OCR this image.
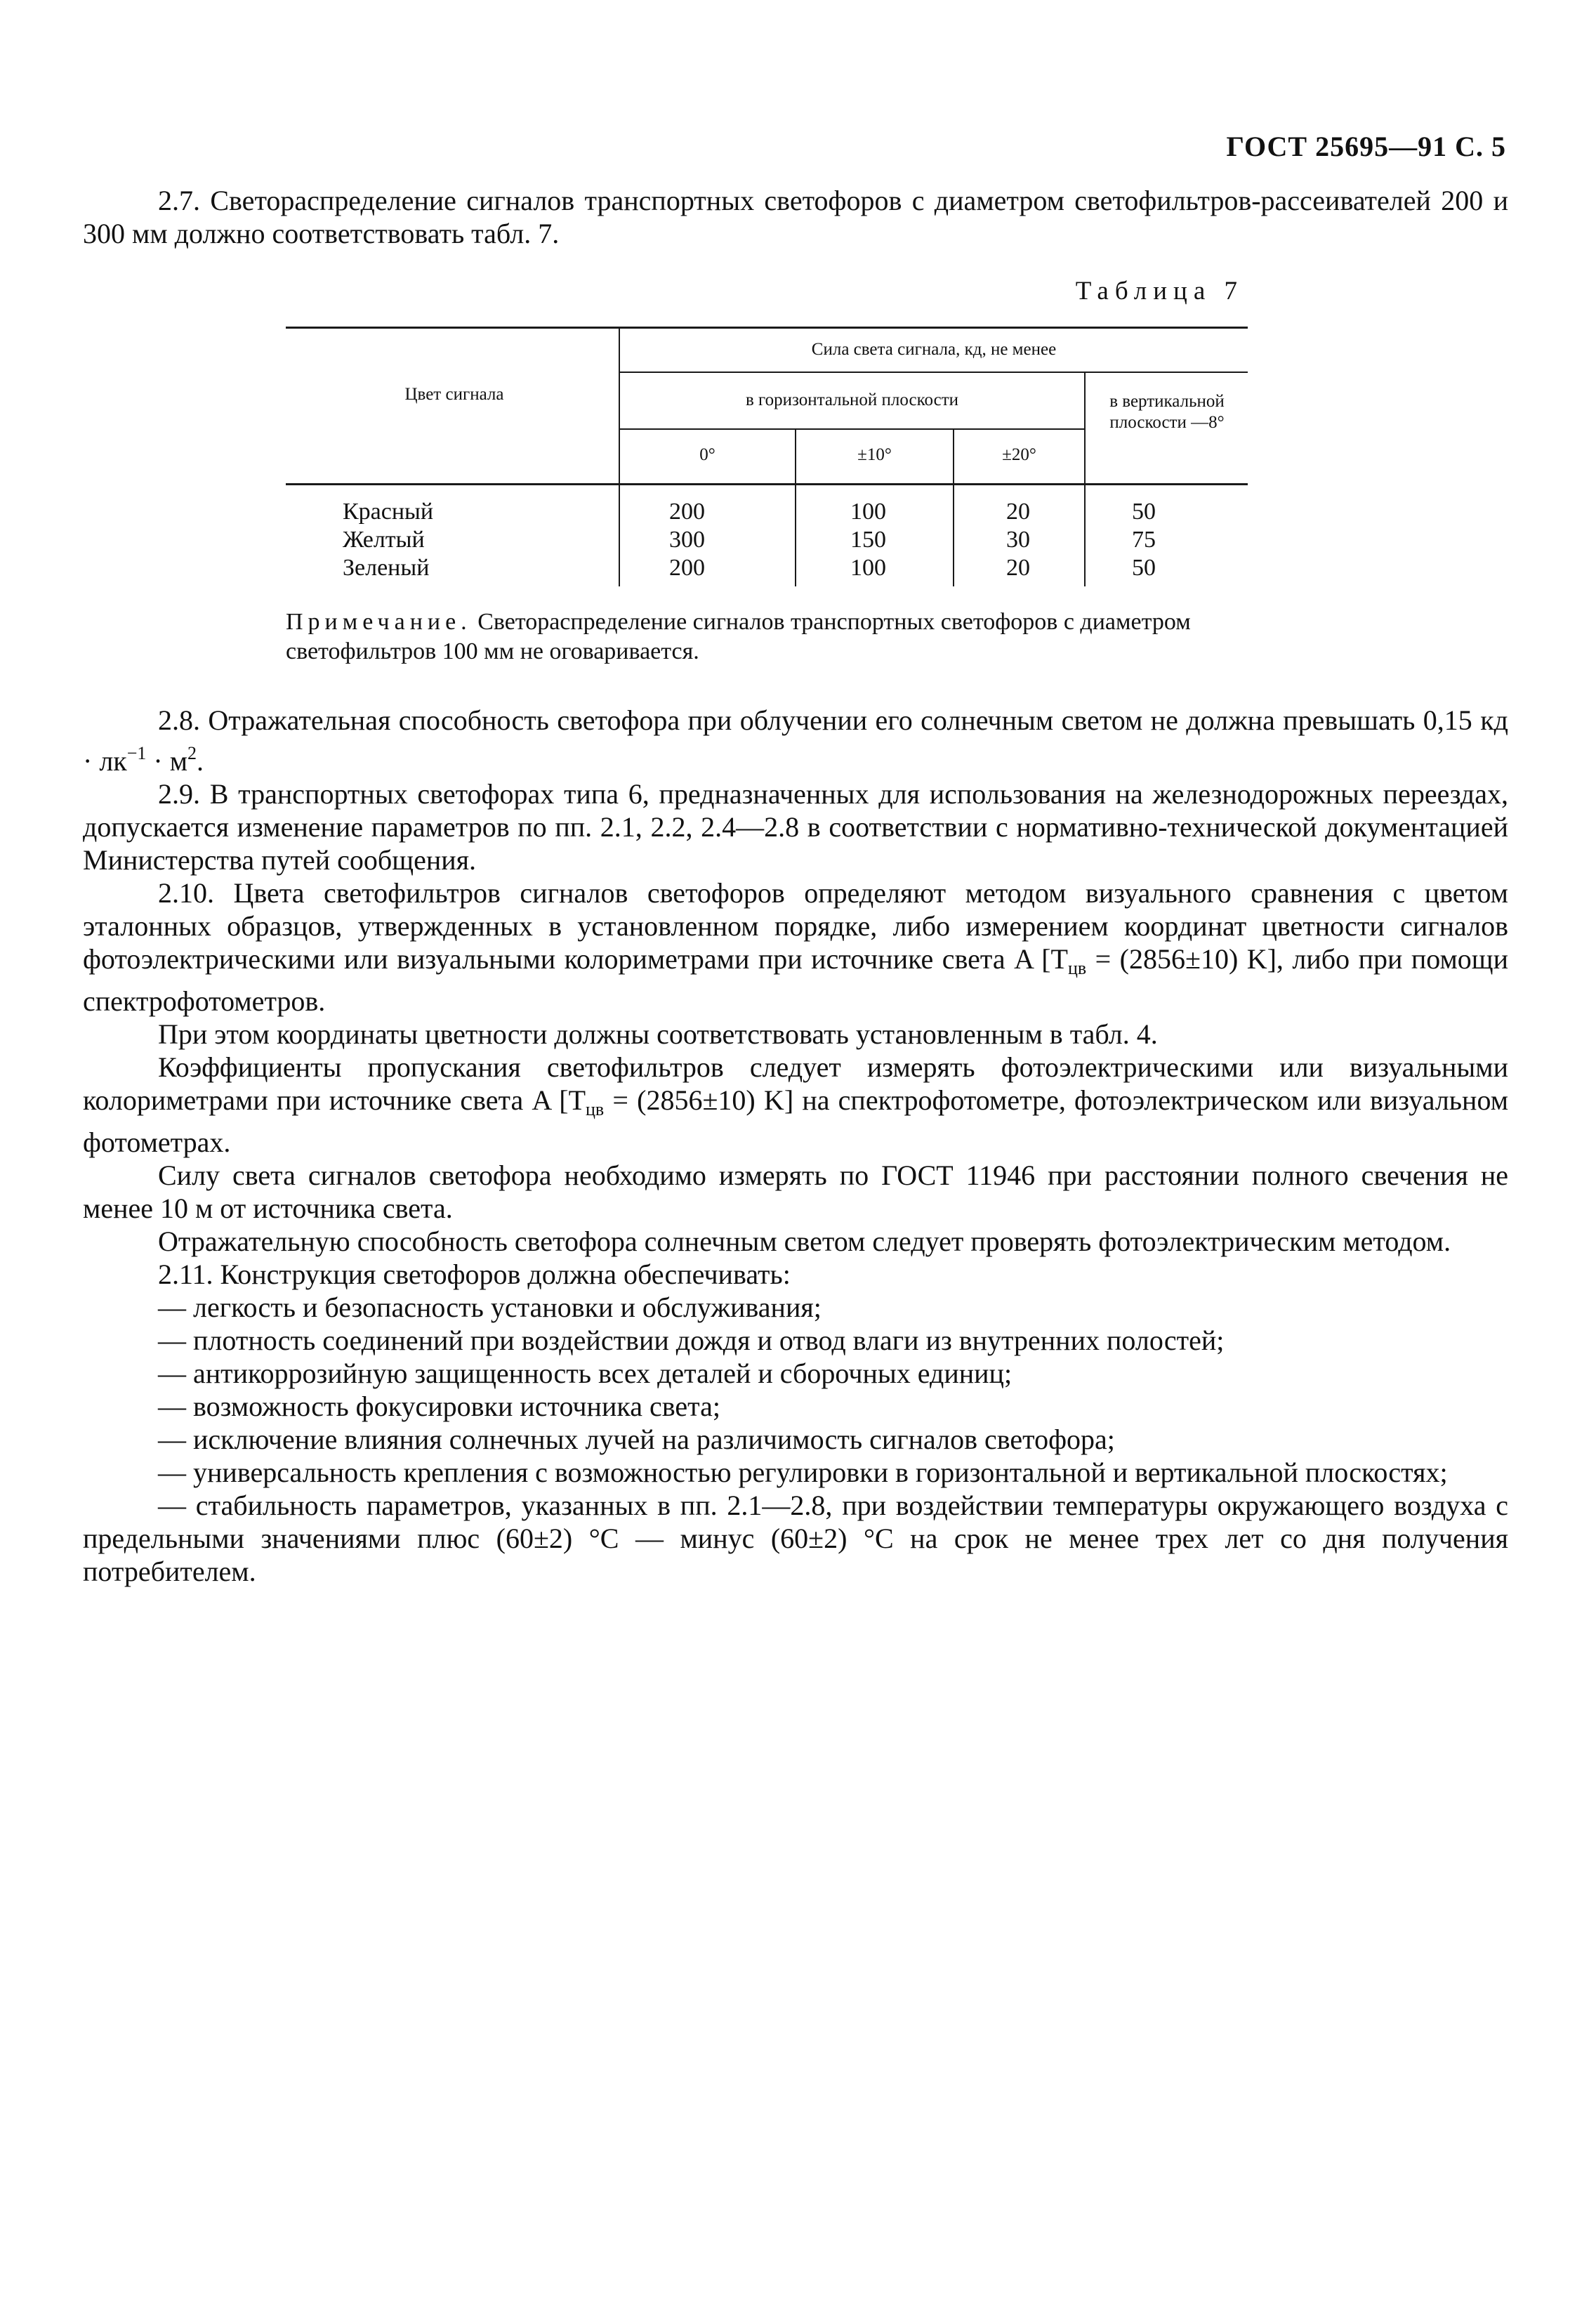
ГОСТ 25695—91 С. 5

2.7. Светораспределение сигналов транспортных светофоров с диаметром светофильтров-рассеивателей 200 и 300 мм должно соответствовать табл. 7.

Таблица 7
Цвет сигнала
Сила света сигнала, кд, не менее
в горизонтальной плоскости	в вертикальной плоскости —8°
0°	±10°	±20°
Красный	200	100	20	50
Желтый	300	150	30	75
Зеленый	200	100	20	50
Примечание. Светораспределение сигналов транспортных светофоров с диаметром светофильтров 100 мм не оговаривается.

2.8. Отражательная способность светофора при облучении его солнечным светом не должна превышать 0,15 кд · $лк^{-1} \cdot м^2$.

2.9. В транспортных светофорах типа 6, предназначенных для использования на железнодорожных переездах, допускается изменение параметров по пп. 2.1, 2.2, 2.4—2.8 в соответствии с нормативно-технической документацией Министерства путей сообщения.

2.10. Цвета светофильтров сигналов светофоров определяют методом визуального сравнения с цветом эталонных образцов, утвержденных в установленном порядке, либо измерением координат цветности сигналов фотоэлектрическими или визуальными колориметрами при источнике света A [$T_{цв} = (2856\pm 10)$ K], либо при помощи спектрофотометров.

При этом координаты цветности должны соответствовать установленным в табл. 4.

Коэффициенты пропускания светофильтров следует измерять фотоэлектрическими или визуальными колориметрами при источнике света A [$T_{цв} = (2856\pm 10)$ K] на спектрофотометре, фотоэлектрическом или визуальном фотометрах.

Силу света сигналов светофора необходимо измерять по ГОСТ 11946 при расстоянии полного свечения не менее 10 м от источника света.

Отражательную способность светофора солнечным светом следует проверять фотоэлектрическим методом.

2.11. Конструкция светофоров должна обеспечивать:

— легкость и безопасность установки и обслуживания;

— плотность соединений при воздействии дождя и отвод влаги из внутренних полостей;

— антикоррозийную защищенность всех деталей и сборочных единиц;

— возможность фокусировки источника света;

— исключение влияния солнечных лучей на различимость сигналов светофора;

— универсальность крепления с возможностью регулировки в горизонтальной и вертикальной плоскостях;

— стабильность параметров, указанных в пп. 2.1—2.8, при воздействии температуры окружающего воздуха с предельными значениями плюс (60±2) °С — минус (60±2) °С на срок не менее трех лет со дня получения потребителем.
